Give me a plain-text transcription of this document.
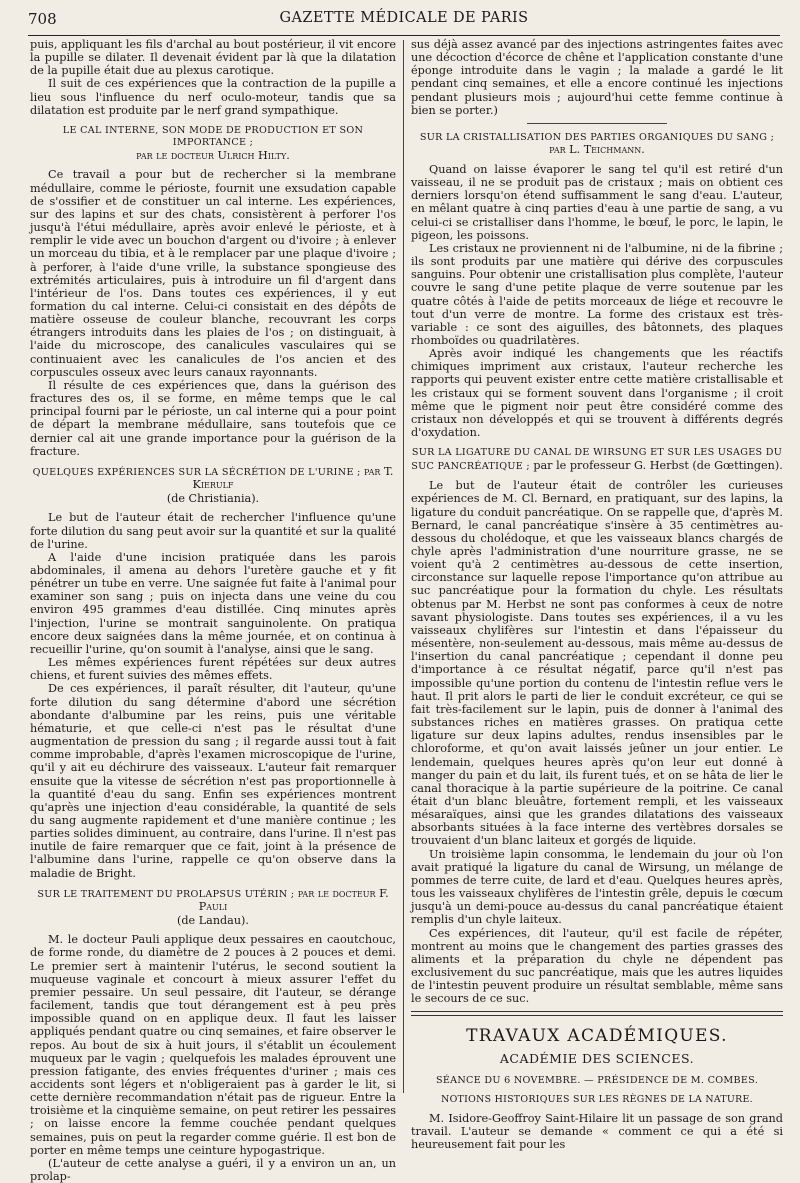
708	GAZETTE MÉDICALE DE PARIS

puis, appliquant les fils d'archal au bout postérieur, il vit encore la pupille se dilater. Il devenait évident par là que la dilatation de la pupille était due au plexus carotique.

Il suit de ces expériences que la contraction de la pupille a lieu sous l'influence du nerf oculo-moteur, tandis que sa dilatation est produite par le nerf grand sympathique.

LE CAL INTERNE, SON MODE DE PRODUCTION ET SON IMPORTANCE ;
par le docteur Ulrich Hilty.

Ce travail a pour but de rechercher si la membrane médullaire, comme le périoste, fournit une exsudation capable de s'ossifier et de constituer un cal interne. Les expériences, sur des lapins et sur des chats, consistèrent à perforer l'os jusqu'à l'étui médullaire, après avoir enlevé le périoste, et à remplir le vide avec un bouchon d'argent ou d'ivoire ; à enlever un morceau du tibia, et à le remplacer par une plaque d'ivoire ; à perforer, à l'aide d'une vrille, la substance spongieuse des extrémités articulaires, puis à introduire un fil d'argent dans l'intérieur de l'os. Dans toutes ces expériences, il y eut formation du cal interne. Celui-ci consistait en des dépôts de matière osseuse de couleur blanche, recouvrant les corps étrangers introduits dans les plaies de l'os ; on distinguait, à l'aide du microscope, des canalicules vasculaires qui se continuaient avec les canalicules de l'os ancien et des corpuscules osseux avec leurs canaux rayonnants.

Il résulte de ces expériences que, dans la guérison des fractures des os, il se forme, en même temps que le cal principal fourni par le périoste, un cal interne qui a pour point de départ la membrane médullaire, sans toutefois que ce dernier cal ait une grande importance pour la guérison de la fracture.

QUELQUES EXPÉRIENCES SUR LA SÉCRÉTION DE L'URINE ; par T. Kierulf
(de Christiania).

Le but de l'auteur était de rechercher l'influence qu'une forte dilution du sang peut avoir sur la quantité et sur la qualité de l'urine.

A l'aide d'une incision pratiquée dans les parois abdominales, il amena au dehors l'uretère gauche et y fit pénétrer un tube en verre. Une saignée fut faite à l'animal pour examiner son sang ; puis on injecta dans une veine du cou environ 495 grammes d'eau distillée. Cinq minutes après l'injection, l'urine se montrait sanguinolente. On pratiqua encore deux saignées dans la même journée, et on continua à recueillir l'urine, qu'on soumit à l'analyse, ainsi que le sang.

Les mêmes expériences furent répétées sur deux autres chiens, et furent suivies des mêmes effets.

De ces expériences, il paraît résulter, dit l'auteur, qu'une forte dilution du sang détermine d'abord une sécrétion abondante d'albumine par les reins, puis une véritable hématurie, et que celle-ci n'est pas le résultat d'une augmentation de pression du sang ; il regarde aussi tout à fait comme improbable, d'après l'examen microscopique de l'urine, qu'il y ait eu déchirure des vaisseaux. L'auteur fait remarquer ensuite que la vitesse de sécrétion n'est pas proportionnelle à la quantité d'eau du sang. Enfin ses expériences montrent qu'après une injection d'eau considérable, la quantité de sels du sang augmente rapidement et d'une manière continue ; les parties solides diminuent, au contraire, dans l'urine. Il n'est pas inutile de faire remarquer que ce fait, joint à la présence de l'albumine dans l'urine, rappelle ce qu'on observe dans la maladie de Bright.

SUR LE TRAITEMENT DU PROLAPSUS UTÉRIN ; par le docteur F. Pauli
(de Landau).

M. le docteur Pauli applique deux pessaires en caoutchouc, de forme ronde, du diamètre de 2 pouces à 2 pouces et demi. Le premier sert à maintenir l'utérus, le second soutient la muqueuse vaginale et concourt à mieux assurer l'effet du premier pessaire. Un seul pessaire, dit l'auteur, se dérange facilement, tandis que tout dérangement est à peu près impossible quand on en applique deux. Il faut les laisser appliqués pendant quatre ou cinq semaines, et faire observer le repos. Au bout de six à huit jours, il s'établit un écoulement muqueux par le vagin ; quelquefois les malades éprouvent une pression fatigante, des envies fréquentes d'uriner ; mais ces accidents sont légers et n'obligeraient pas à garder le lit, si cette dernière recommandation n'était pas de rigueur. Entre la troisième et la cinquième semaine, on peut retirer les pessaires ; on laisse encore la femme couchée pendant quelques semaines, puis on peut la regarder comme guérie. Il est bon de porter en même temps une ceinture hypogastrique.

(L'auteur de cette analyse a guéri, il y a environ un an, un prolap-

sus déjà assez avancé par des injections astringentes faites avec une décoction d'écorce de chêne et l'application constante d'une éponge introduite dans le vagin ; la malade a gardé le lit pendant cinq semaines, et elle a encore continué les injections pendant plusieurs mois ; aujourd'hui cette femme continue à bien se porter.)

SUR LA CRISTALLISATION DES PARTIES ORGANIQUES DU SANG ;
par L. Teichmann.

Quand on laisse évaporer le sang tel qu'il est retiré d'un vaisseau, il ne se produit pas de cristaux ; mais on obtient ces derniers lorsqu'on étend suffisamment le sang d'eau. L'auteur, en mêlant quatre à cinq parties d'eau à une partie de sang, a vu celui-ci se cristalliser dans l'homme, le bœuf, le porc, le lapin, le pigeon, les poissons.

Les cristaux ne proviennent ni de l'albumine, ni de la fibrine ; ils sont produits par une matière qui dérive des corpuscules sanguins. Pour obtenir une cristallisation plus complète, l'auteur couvre le sang d'une petite plaque de verre soutenue par les quatre côtés à l'aide de petits morceaux de liége et recouvre le tout d'un verre de montre. La forme des cristaux est très-variable : ce sont des aiguilles, des bâtonnets, des plaques rhomboïdes ou quadrilatères.

Après avoir indiqué les changements que les réactifs chimiques impriment aux cristaux, l'auteur recherche les rapports qui peuvent exister entre cette matière cristallisable et les cristaux qui se forment souvent dans l'organisme ; il croit même que le pigment noir peut être considéré comme des cristaux non développés et qui se trouvent à différents degrés d'oxydation.

SUR LA LIGATURE DU CANAL DE WIRSUNG ET SUR LES USAGES DU SUC PANCRÉATIQUE ; par le professeur G. Herbst (de Gœttingen).

Le but de l'auteur était de contrôler les curieuses expériences de M. Cl. Bernard, en pratiquant, sur des lapins, la ligature du conduit pancréatique. On se rappelle que, d'après M. Bernard, le canal pancréatique s'insère à 35 centimètres au-dessous du cholédoque, et que les vaisseaux blancs chargés de chyle après l'administration d'une nourriture grasse, ne se voient qu'à 2 centimètres au-dessous de cette insertion, circonstance sur laquelle repose l'importance qu'on attribue au suc pancréatique pour la formation du chyle. Les résultats obtenus par M. Herbst ne sont pas conformes à ceux de notre savant physiologiste. Dans toutes ses expériences, il a vu les vaisseaux chylifères sur l'intestin et dans l'épaisseur du mésentère, non-seulement au-dessous, mais même au-dessus de l'insertion du canal pancréatique ; cependant il donne peu d'importance à ce résultat négatif, parce qu'il n'est pas impossible qu'une portion du contenu de l'intestin reflue vers le haut. Il prit alors le parti de lier le conduit excréteur, ce qui se fait très-facilement sur le lapin, puis de donner à l'animal des substances riches en matières grasses. On pratiqua cette ligature sur deux lapins adultes, rendus insensibles par le chloroforme, et qu'on avait laissés jeûner un jour entier. Le lendemain, quelques heures après qu'on leur eut donné à manger du pain et du lait, ils furent tués, et on se hâta de lier le canal thoracique à la partie supérieure de la poitrine. Ce canal était d'un blanc bleuâtre, fortement rempli, et les vaisseaux mésaraïques, ainsi que les grandes dilatations des vaisseaux absorbants situées à la face interne des vertèbres dorsales se trouvaient d'un blanc laiteux et gorgés de liquide.

Un troisième lapin consomma, le lendemain du jour où l'on avait pratiqué la ligature du canal de Wirsung, un mélange de pommes de terre cuite, de lard et d'eau. Quelques heures après, tous les vaisseaux chylifères de l'intestin grêle, depuis le cœcum jusqu'à un demi-pouce au-dessus du canal pancréatique étaient remplis d'un chyle laiteux.

Ces expériences, dit l'auteur, qu'il est facile de répéter, montrent au moins que le changement des parties grasses des aliments et la préparation du chyle ne dépendent pas exclusivement du suc pancréatique, mais que les autres liquides de l'intestin peuvent produire un résultat semblable, même sans le secours de ce suc.

TRAVAUX ACADÉMIQUES.
ACADÉMIE DES SCIENCES.
SÉANCE DU 6 NOVEMBRE. — PRÉSIDENCE DE M. COMBES.
NOTIONS HISTORIQUES SUR LES RÈGNES DE LA NATURE.

M. Isidore-Geoffroy Saint-Hilaire lit un passage de son grand travail. L'auteur se demande « comment ce qui a été si heureusement fait pour les
